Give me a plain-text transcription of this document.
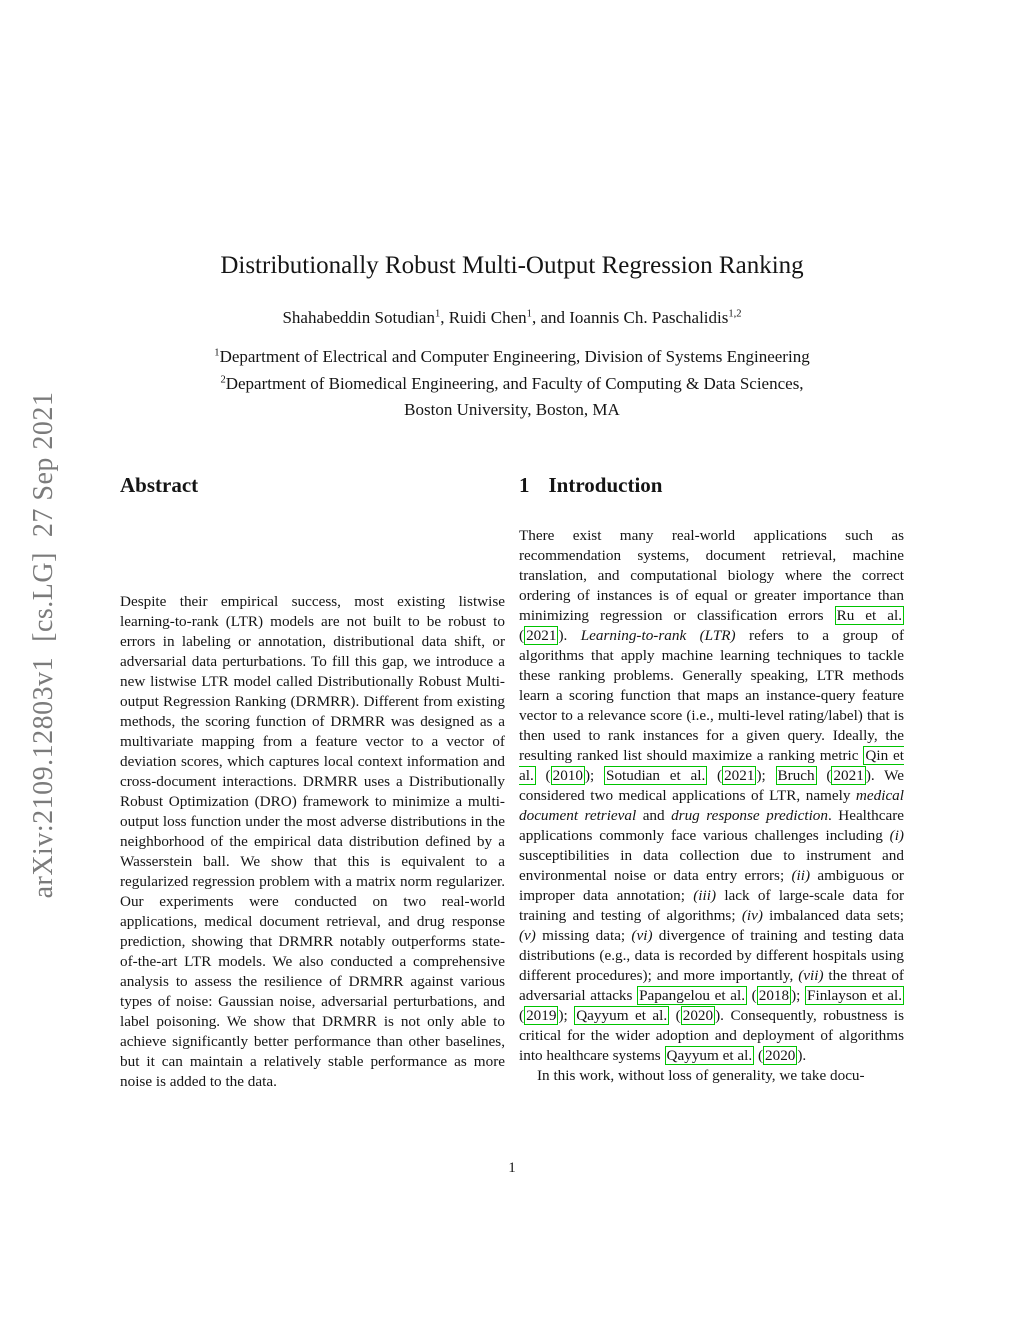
arXiv:2109.12803v1  [cs.LG]  27 Sep 2021
Distributionally Robust Multi-Output Regression Ranking
Shahabeddin Sotudian$^1$, Ruidi Chen$^1$, and Ioannis Ch. Paschalidis$^{1,2}$
$^1$Department of Electrical and Computer Engineering, Division of Systems Engineering
$^2$Department of Biomedical Engineering, and Faculty of Computing & Data Sciences,
Boston University, Boston, MA
Abstract

Despite their empirical success, most existing listwise learning-to-rank (LTR) models are not built to be robust to errors in labeling or annotation, distributional data shift, or adversarial data perturbations. To fill this gap, we introduce a new listwise LTR model called Distributionally Robust Multi-output Regression Ranking (DRMRR). Different from existing methods, the scoring function of DRMRR was designed as a multivariate mapping from a feature vector to a vector of deviation scores, which captures local context information and cross-document interactions. DRMRR uses a Distributionally Robust Optimization (DRO) framework to minimize a multi-output loss function under the most adverse distributions in the neighborhood of the empirical data distribution defined by a Wasserstein ball. We show that this is equivalent to a regularized regression problem with a matrix norm regularizer. Our experiments were conducted on two real-world applications, medical document retrieval, and drug response prediction, showing that DRMRR notably outperforms state-of-the-art LTR models. We also conducted a comprehensive analysis to assess the resilience of DRMRR against various types of noise: Gaussian noise, adversarial perturbations, and label poisoning. We show that DRMRR is not only able to achieve significantly better performance than other baselines, but it can maintain a relatively stable performance as more noise is added to the data.

1 Introduction

There exist many real-world applications such as recommendation systems, document retrieval, machine translation, and computational biology where the correct ordering of instances is of equal or greater importance than minimizing regression or classification errors Ru et al. ( 2021 ). Learning-to-rank (LTR) refers to a group of algorithms that apply machine learning techniques to tackle these ranking problems. Generally speaking, LTR methods learn a scoring function that maps an instance-query feature vector to a relevance score (i.e., multi-level rating/label) that is then used to rank instances for a given query. Ideally, the resulting ranked list should maximize a ranking metric Qin et al. ( 2010 ); Sotudian et al. ( 2021 ); Bruch ( 2021 ). We considered two medical applications of LTR, namely medical document retrieval and drug response prediction. Healthcare applications commonly face various challenges including (i) susceptibilities in data collection due to instrument and environmental noise or data entry errors; (ii) ambiguous or improper data annotation; (iii) lack of large-scale data for training and testing of algorithms; (iv) imbalanced data sets; (v) missing data; (vi) divergence of training and testing data distributions (e.g., data is recorded by different hospitals using different procedures); and more importantly, (vii) the threat of adversarial attacks Papangelou et al. ( 2018 ); Finlayson et al. ( 2019 ); Qayyum et al. ( 2020 ). Consequently, robustness is critical for the wider adoption and deployment of algorithms into healthcare systems Qayyum et al. ( 2020 ).

In this work, without loss of generality, we take docu-

1
